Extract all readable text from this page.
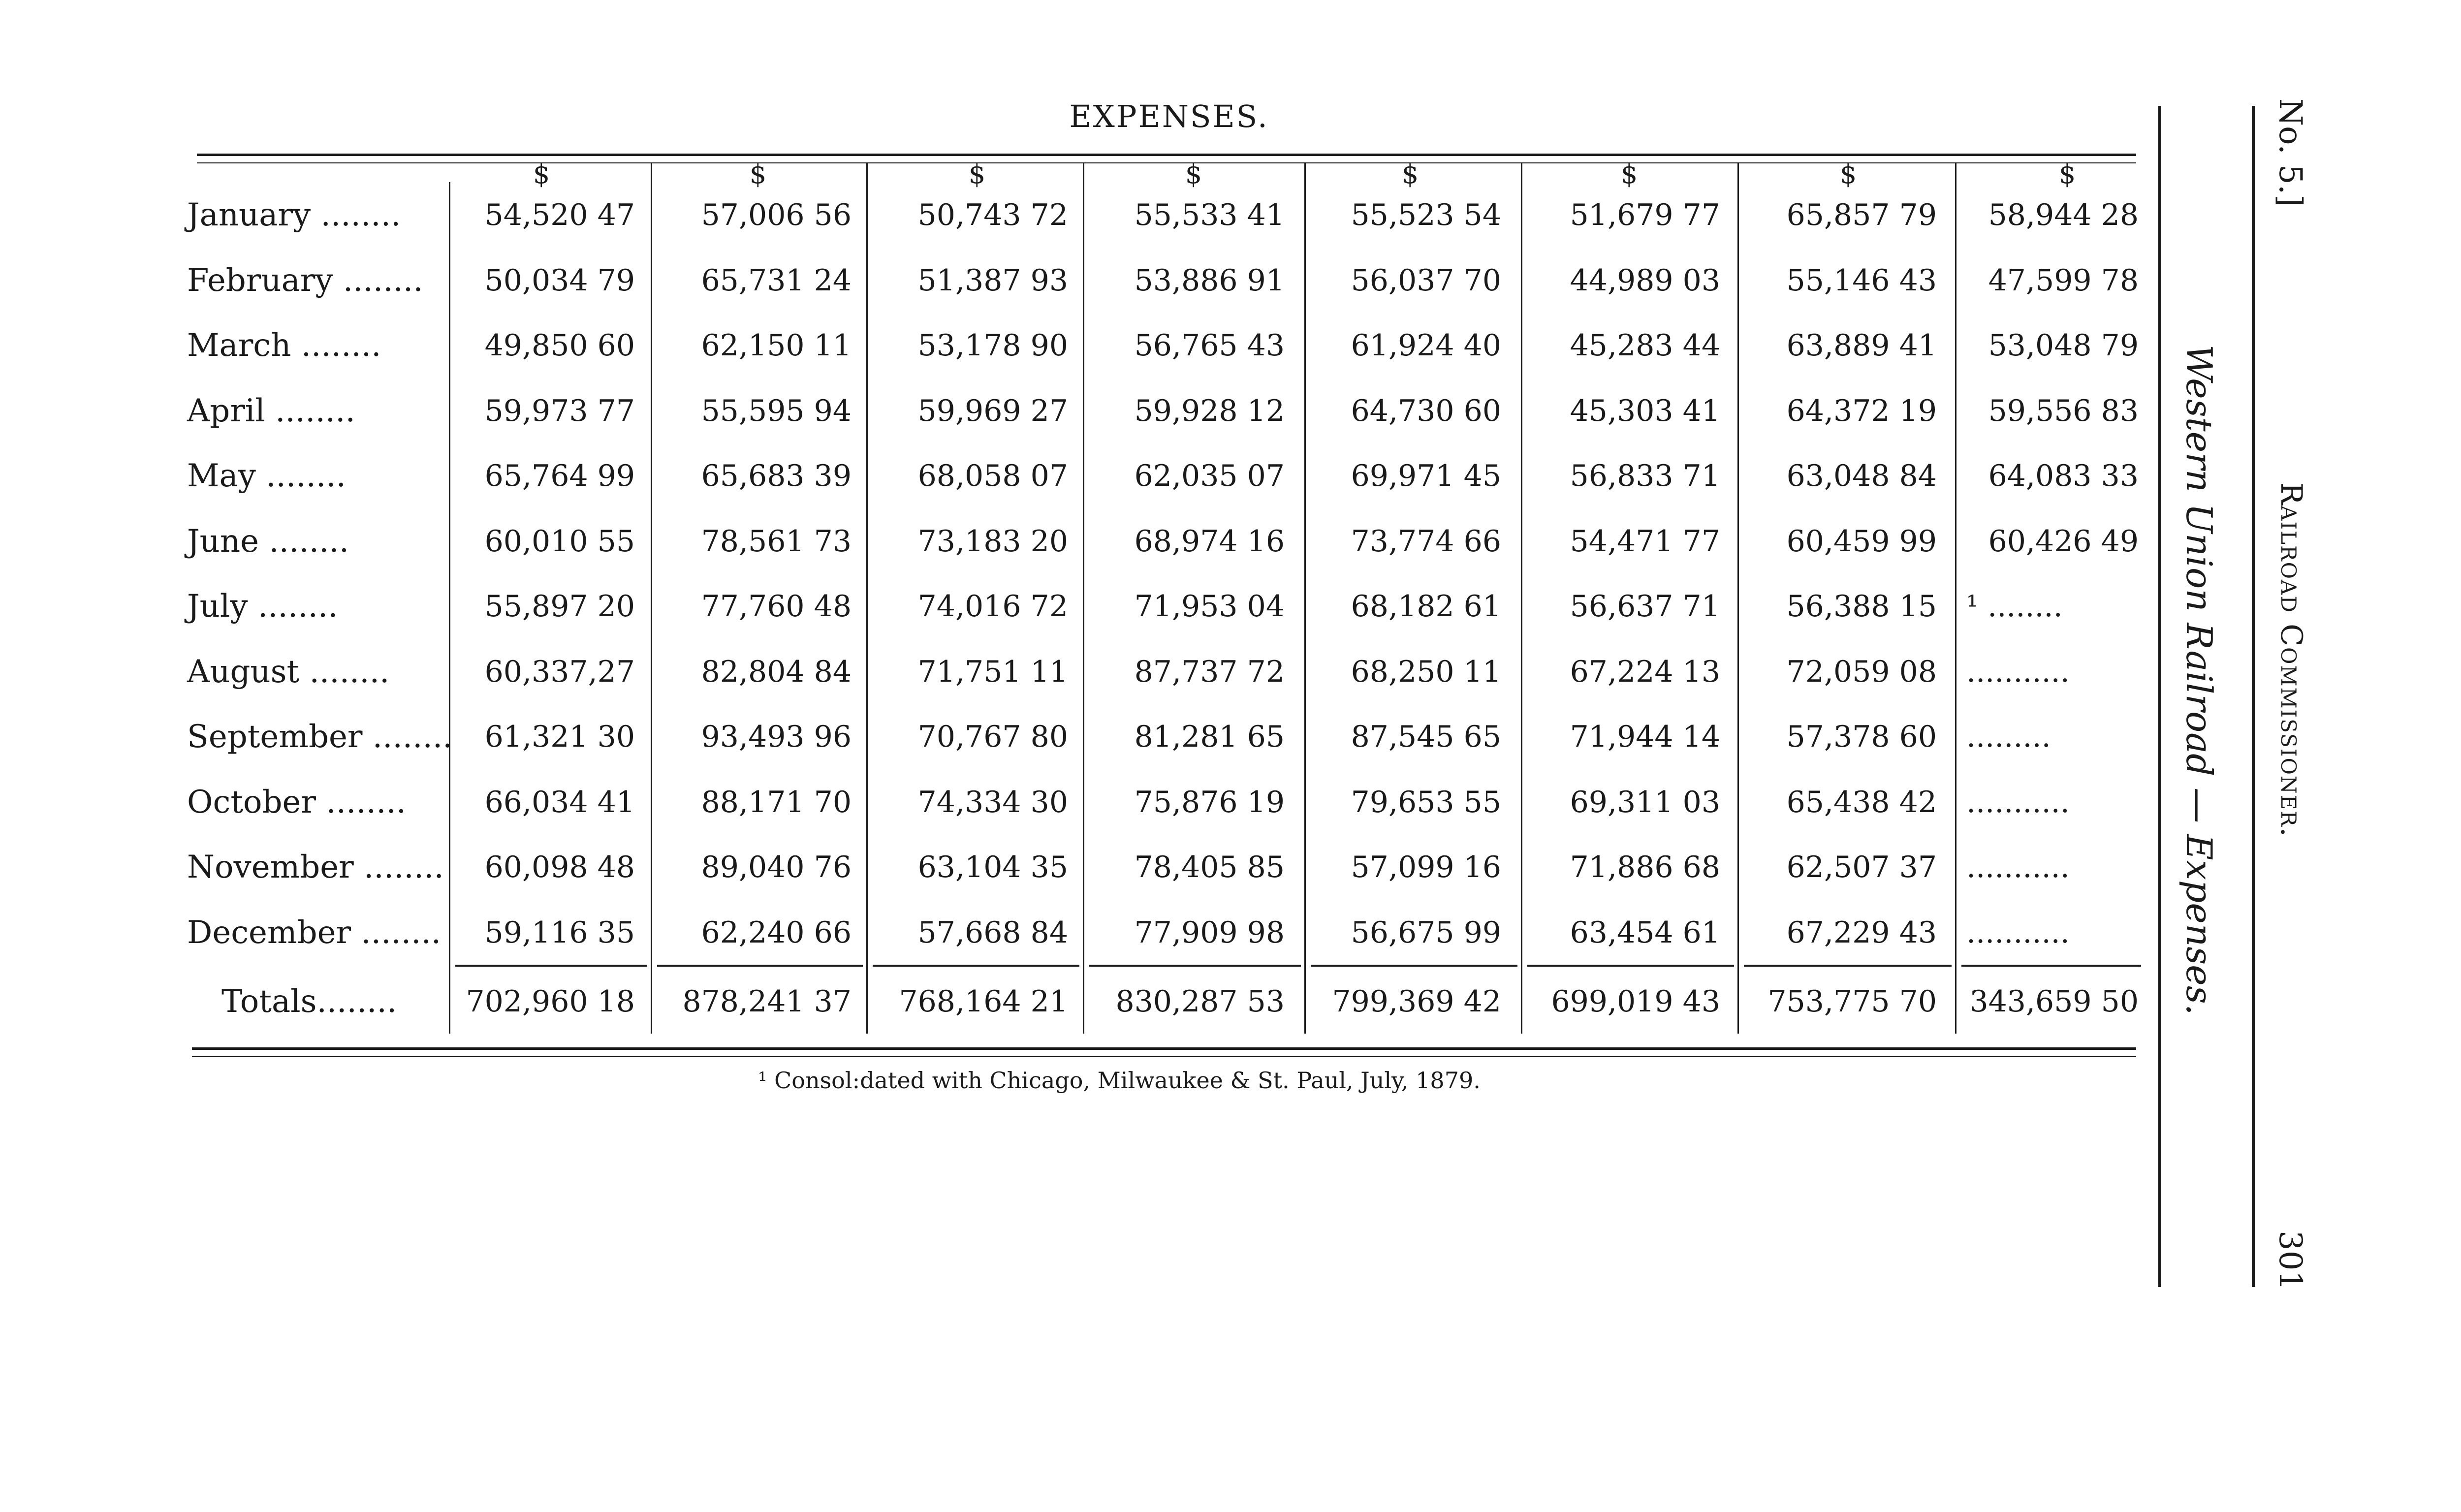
EXPENSES.
$	$	$	$	$	$	$	$
January ........	54,520 47	57,006 56	50,743 72	55,533 41	55,523 54	51,679 77	65,857 79	58,944 28
February ........	50,034 79	65,731 24	51,387 93	53,886 91	56,037 70	44,989 03	55,146 43	47,599 78
March ........	49,850 60	62,150 11	53,178 90	56,765 43	61,924 40	45,283 44	63,889 41	53,048 79
April ........	59,973 77	55,595 94	59,969 27	59,928 12	64,730 60	45,303 41	64,372 19	59,556 83
May ........	65,764 99	65,683 39	68,058 07	62,035 07	69,971 45	56,833 71	63,048 84	64,083 33
June ........	60,010 55	78,561 73	73,183 20	68,974 16	73,774 66	54,471 77	60,459 99	60,426 49
July ........	55,897 20	77,760 48	74,016 72	71,953 04	68,182 61	56,637 71	56,388 15 ¹ ........
August ........	60,337,27	82,804 84	71,751 11	87,737 72	68,250 11	67,224 13	72,059 08 ...........
September ........	61,321 30	93,493 96	70,767 80	81,281 65	87,545 65	71,944 14	57,378 60 .........
October ........	66,034 41	88,171 70	74,334 30	75,876 19	79,653 55	69,311 03	65,438 42 ...........
November ........	60,098 48	89,040 76	63,104 35	78,405 85	57,099 16	71,886 68	62,507 37 ...........
December ........	59,116 35	62,240 66	57,668 84	77,909 98	56,675 99	63,454 61	67,229 43 ...........
Totals........	702,960 18	878,241 37	768,164 21	830,287 53	799,369 42	699,019 43	753,775 70	343,659 50
¹ Consol:dated with Chicago, Milwaukee & St. Paul, July, 1879.
No. 5.]
Railroad Commissioner.
301
Western Union Railroad — Expenses.
